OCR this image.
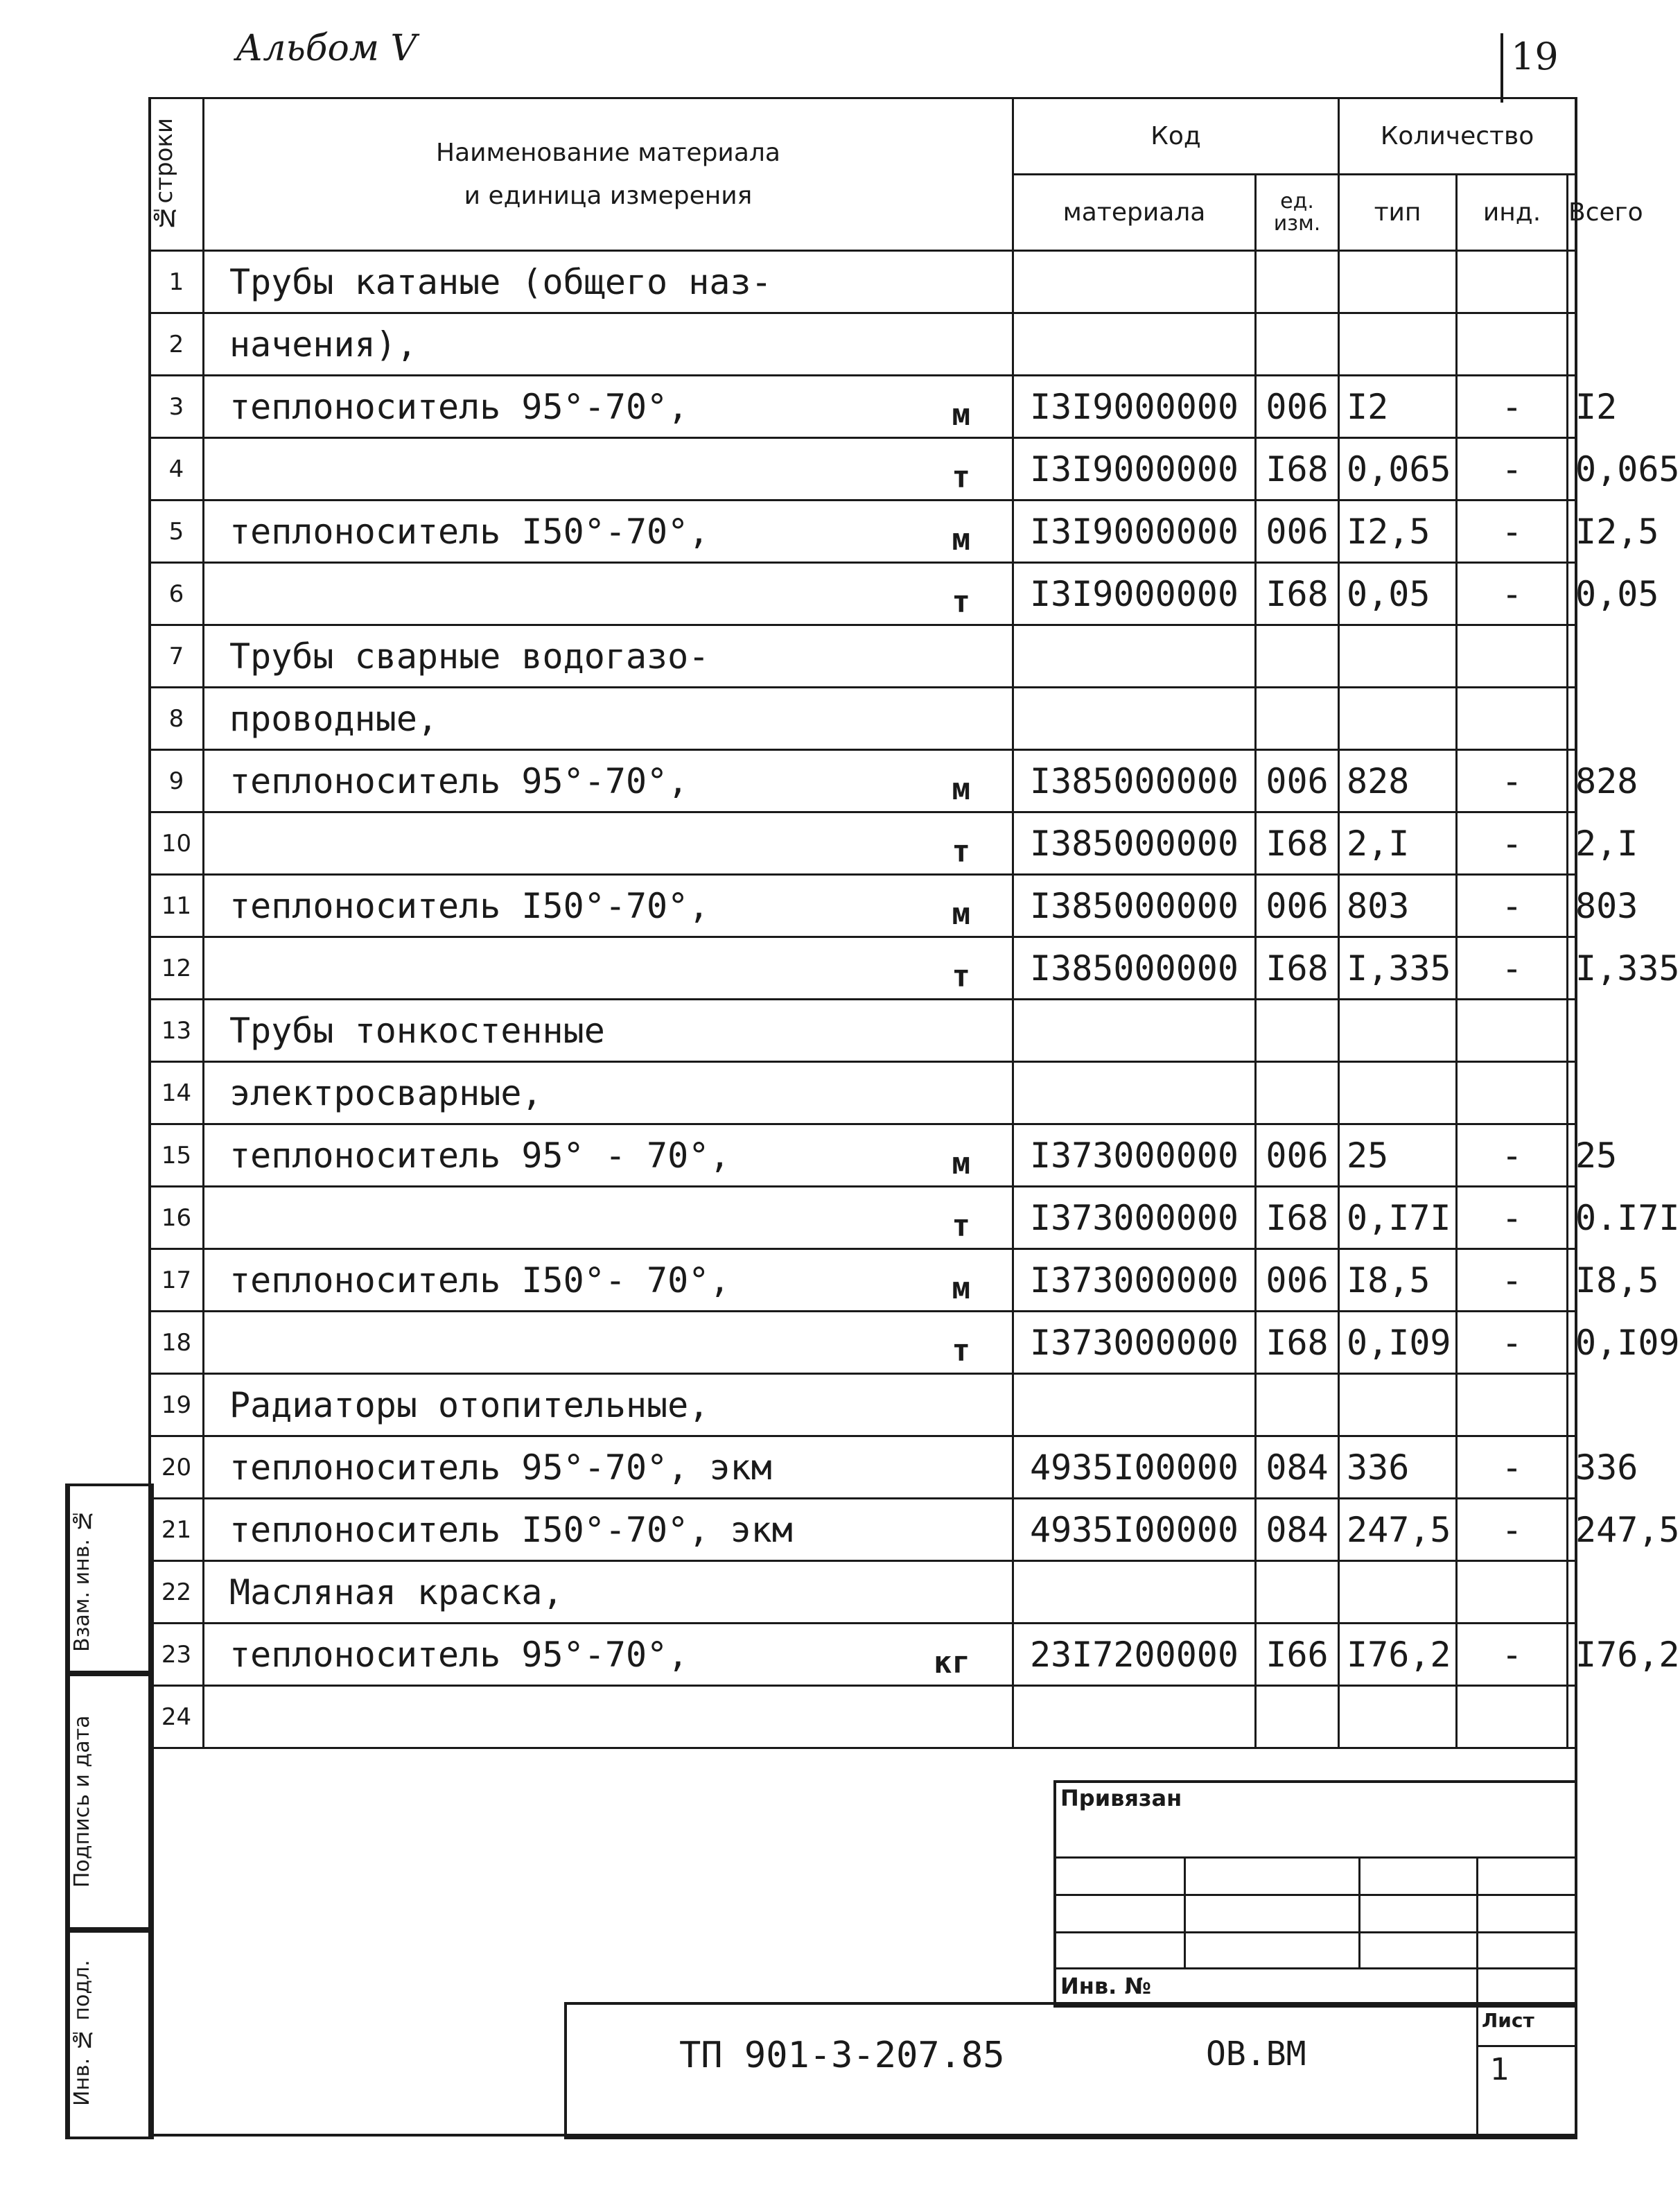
Альбом V	19
№строки	Наименование материала
и единица измерения	Код		Количество		
		материала	ед. изм.	тип	инд.	Всего
1	Трубы катаные (общего наз-

2	начения),

3	теплоноситель 95°-70°, м	I3I9000000	006	I2	-	I2
4	т	I3I9000000	I68	0,065	-	0,065
5	теплоноситель I50°-70°, м	I3I9000000	006	I2,5	-	I2,5
6	т	I3I9000000	I68	0,05	-	0,05
7	Трубы сварные водогазо-

8	проводные,

9	теплоноситель 95°-70°, м	I385000000	006	828	-	828
10	т	I385000000	I68	2,I	-	2,I
11	теплоноситель I50°-70°, м	I385000000	006	803	-	803
12	т	I385000000	I68	I,335	-	I,335
13	Трубы тонкостенные

14	электросварные,

15	теплоноситель 95° - 70°, м	I373000000	006	25	-	25
16	т	I373000000	I68	0,I7I	-	0.I7I
17	теплоноситель I50°- 70°, м	I373000000	006	I8,5	-	I8,5
18	т	I373000000	I68	0,I09	-	0,I09
19	Радиаторы отопительные,

20	теплоноситель 95°-70°, экм	4935I00000	084	336	-	336
21	теплоноситель I50°-70°, экм	4935I00000	084	247,5	-	247,5
22	Масляная краска,

23	теплоноситель 95°-70°, кг	23I7200000	I66	I76,2	-	I76,2
24	

Взам. инв. №
Подпись и дата
Инв. № подл.
Привязан
Инв. №
ТП 901-3-207.85	ОВ.ВМ
Лист
1
